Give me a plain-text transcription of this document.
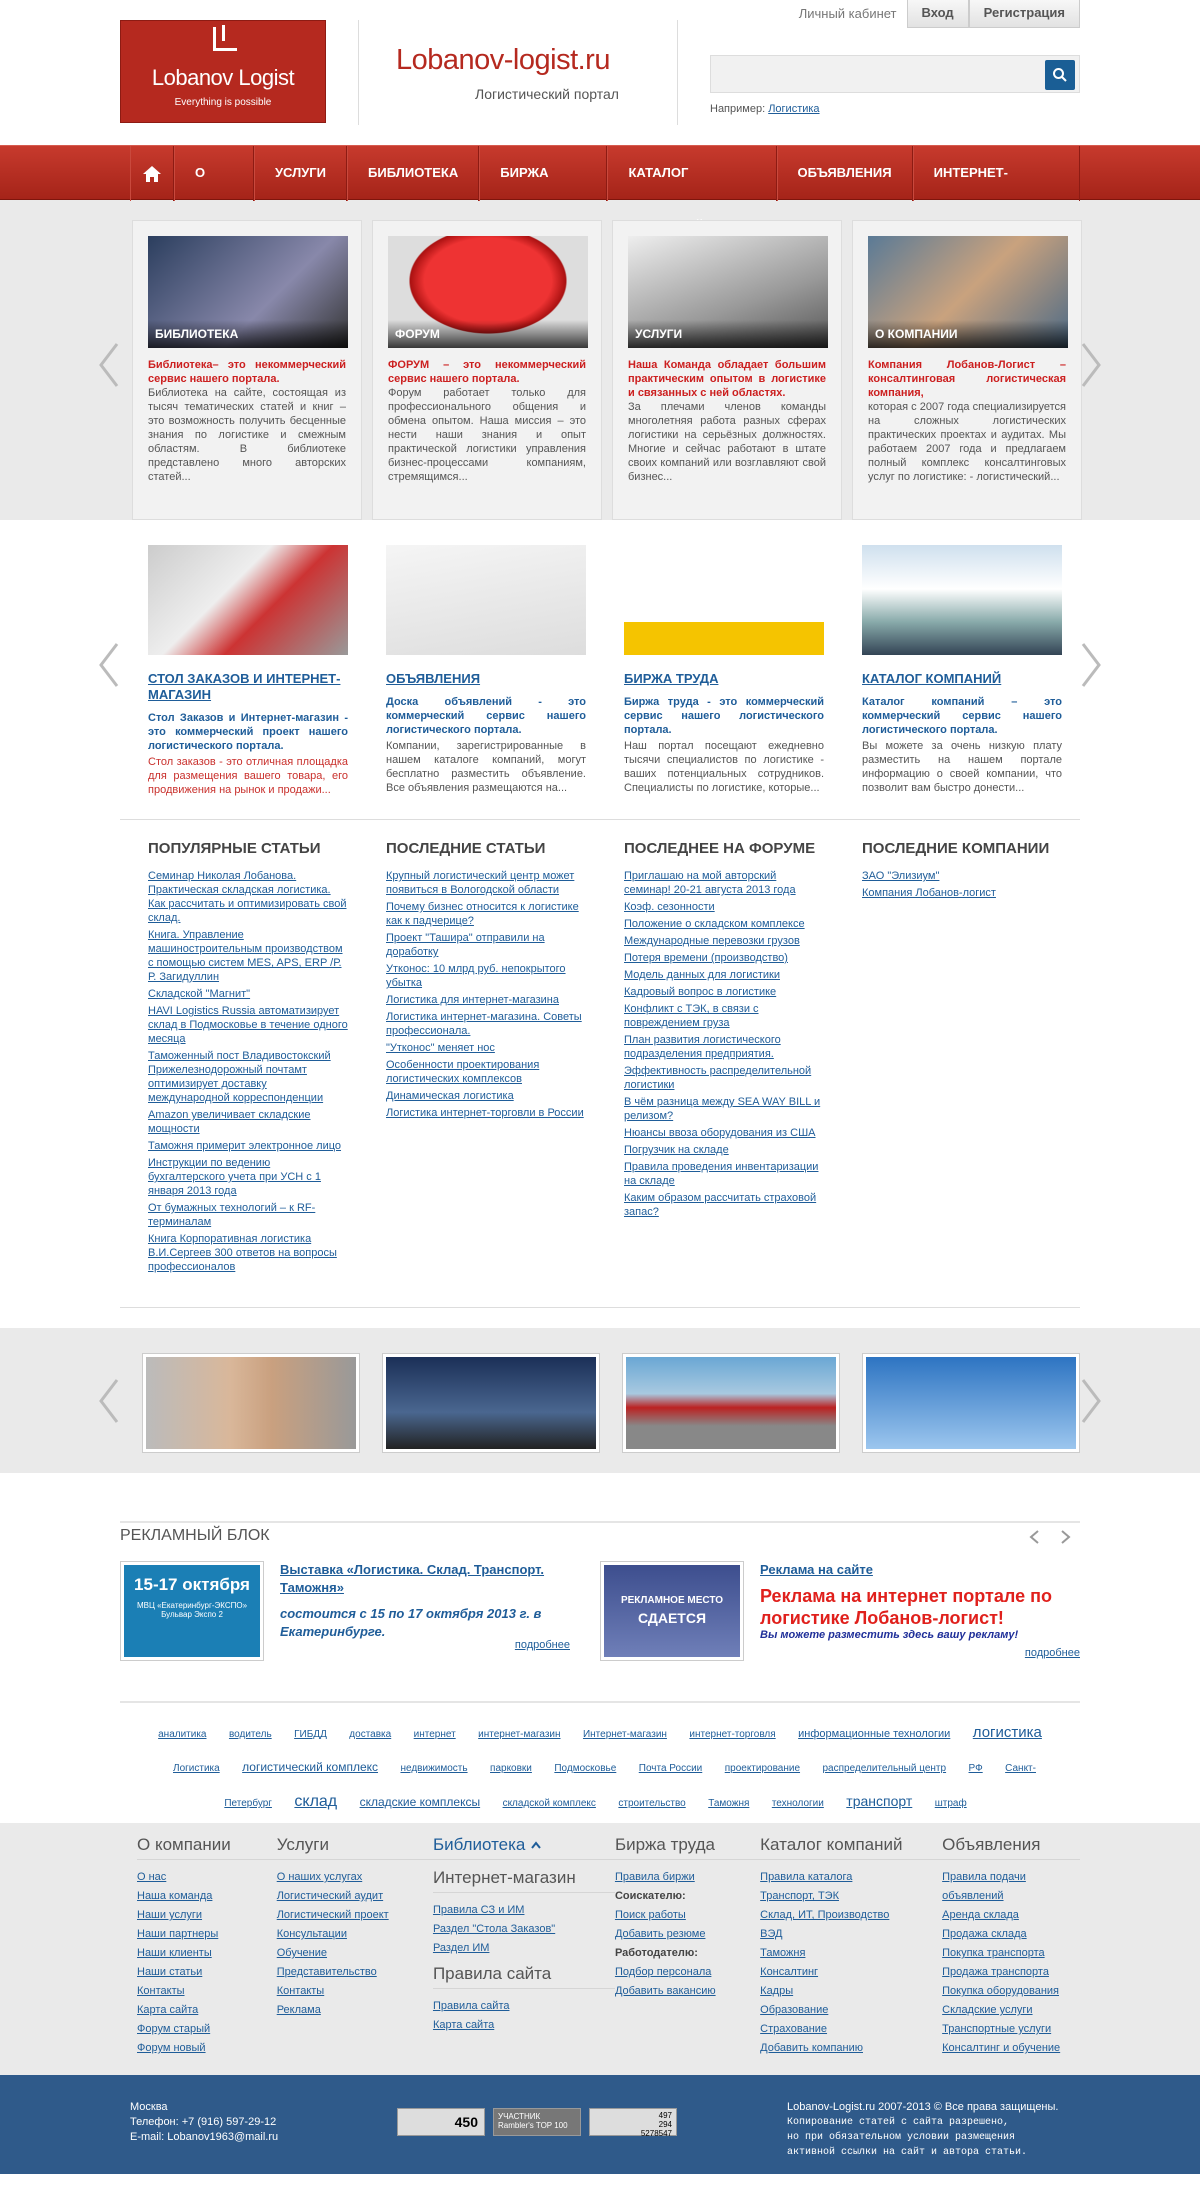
Lobanov Logist
Everything is possible
Lobanov-logist.ru
Логистический портал
Личный кабинет	Вход	Регистрация
Например: Логистика
О	УСЛУГИ	БИБЛИОТЕКА	БИРЖА	КАТАЛОГ	ОБЪЯВЛЕНИЯ	ИНТЕРНЕТ-
БИБЛИОТЕКА
Библиотека– это некоммерческий сервис нашего портала.
Библиотека на сайте, состоящая из тысяч тематических статей и книг – это возможность получить бесценные знания по логистике и смежным областям. В библиотеке представлено много авторских статей...
ФОРУМ
ФОРУМ – это некоммерческий сервис нашего портала.
Форум работает только для профессионального общения и обмена опытом. Наша миссия – это нести наши знания и опыт практической логистики управления бизнес-процессами компаниям, стремящимся...
УСЛУГИ
Наша Команда обладает большим практическим опытом в логистике и связанных с ней областях.
За плечами членов команды многолетняя работа разных сферах логистики на серьёзных должностях. Многие и сейчас работают в штате своих компаний или возглавляют свой бизнес...
О КОМПАНИИ
Компания Лобанов-Логист – консалтинговая логистическая компания,
которая с 2007 года специализируется на сложных логистических практических проектах и аудитах. Мы работаем 2007 года и предлагаем полный комплекс консалтинговых услуг по логистике: - логистический...
СТОЛ ЗАКАЗОВ И ИНТЕРНЕТ-МАГАЗИН
Стол Заказов и Интернет-магазин - это коммерческий проект нашего логистического портала.
Стол заказов - это отличная площадка для размещения вашего товара, его продвижения на рынок и продажи...
ОБЪЯВЛЕНИЯ
Доска объявлений - это коммерческий сервис нашего логистического портала.
Компании, зарегистрированные в нашем каталоге компаний, могут бесплатно разместить объявление. Все объявления размещаются на...
БИРЖА ТРУДА
Биржа труда - это коммерческий сервис нашего логистического портала.
Наш портал посещают ежедневно тысячи специалистов по логистике - ваших потенциальных сотрудников. Специалисты по логистике, которые...
КАТАЛОГ КОМПАНИЙ
Каталог компаний – это коммерческий сервис нашего логистического портала.
Вы можете за очень низкую плату разместить на нашем портале информацию о своей компании, что позволит вам быстро донести...
ПОПУЛЯРНЫЕ СТАТЬИ
Семинар Николая Лобанова. Практическая складская логистика. Как рассчитать и оптимизировать свой склад.
Книга. Управление машиностроительным производством с помощью систем MES, APS, ERP /Р. Р. Загидуллин
Складской "Магнит"
HAVI Logistics Russia автоматизирует склад в Подмосковье в течение одного месяца
Таможенный пост Владивостокский Прижелезнодорожный почтамт оптимизирует доставку международной корреспонденции
Amazon увеличивает складские мощности
Таможня примерит электронное лицо
Инструкции по ведению бухгалтерского учета при УСН с 1 января 2013 года
От бумажных технологий – к RF-терминалам
Книга Корпоративная логистика В.И.Сергеев 300 ответов на вопросы профессионалов
ПОСЛЕДНИЕ СТАТЬИ
Крупный логистический центр может появиться в Вологодской области
Почему бизнес относится к логистике как к падчерице?
Проект "Ташира" отправили на доработку
Утконос: 10 млрд руб. непокрытого убытка
Логистика для интернет-магазина
Логистика интернет-магазина. Советы профессионала.
"Утконос" меняет нос
Особенности проектирования логистических комплексов
Динамическая логистика
Логистика интернет-торговли в России
ПОСЛЕДНЕЕ НА ФОРУМЕ
Приглашаю на мой авторский семинар! 20-21 августа 2013 года
Коэф. сезонности
Положение о складском комплексе
Международные перевозки грузов
Потеря времени (производство)
Модель данных для логистики
Кадровый вопрос в логистике
Конфликт с ТЭК, в связи с повреждением груза
План развития логистического подразделения предприятия.
Эффективность распределительной логистики
В чём разница между SEA WAY BILL и релизом?
Нюансы ввоза оборудования из США
Погрузчик на складе
Правила проведения инвентаризации на складе
Каким образом рассчитать страховой запас?
ПОСЛЕДНИЕ КОМПАНИИ
ЗАО "Элизиум"
Компания Лобанов-логист
РЕКЛАМНЫЙ БЛОК
15-17 октября
МВЦ «Екатеринбург-ЭКСПО» Бульвар Экспо 2
Выставка «Логистика. Склад. Транспорт. Таможня»
состоится с 15 по 17 октября 2013 г. в Екатеринбурге.
подробнее
РЕКЛАМНОЕ МЕСТО
СДАЕТСЯ
Реклама на сайте
Реклама на интернет портале по логистике Лобанов-логист!
Вы можете разместить здесь вашу рекламу!
подробнее
аналитика водитель ГИБДД доставка интернет интернет-магазин Интернет-магазин интернет-торговля информационные технологии логистика Логистика логистический комплекс недвижимость парковки Подмосковье Почта России проектирование распределительный центр РФ Санкт-Петербург склад складские комплексы складской комплекс строительство Таможня технологии транспорт штраф
О компании
О нас
Наша команда
Наши услуги
Наши партнеры
Наши клиенты
Наши статьи
Контакты
Карта сайта
Форум старый
Форум новый
Услуги
О наших услугах
Логистический аудит
Логистический проект
Консультации
Обучение
Представительство
Контакты
Реклама
Библиотека
Интернет-магазин
Правила СЗ и ИМ
Раздел "Стола Заказов"
Раздел ИМ
Правила сайта
Правила сайта
Карта сайта
Биржа труда
Правила биржи
Соискателю:
Поиск работы
Добавить резюме
Работодателю:
Подбор персонала
Добавить вакансию
Каталог компаний
Правила каталога
Транспорт, ТЭК
Склад, ИТ, Производство
ВЭД
Таможня
Консалтинг
Кадры
Образование
Страхование
Добавить компанию
Объявления
Правила подачи объявлений
Аренда склада
Продажа склада
Покупка транспорта
Продажа транспорта
Покупка оборудования
Складские услуги
Транспортные услуги
Консалтинг и обучение
Москва
Телефон: +7 (916) 597-29-12
E-mail: Lobanov1963@mail.ru
450	УЧАСТНИК
Rambler's TOP 100
497
294
5278547
Lobanov-Logist.ru 2007-2013 © Все права защищены.
Копирование статей с сайта разрешено,
но при обязательном условии размещения
активной ссылки на сайт и автора статьи.
